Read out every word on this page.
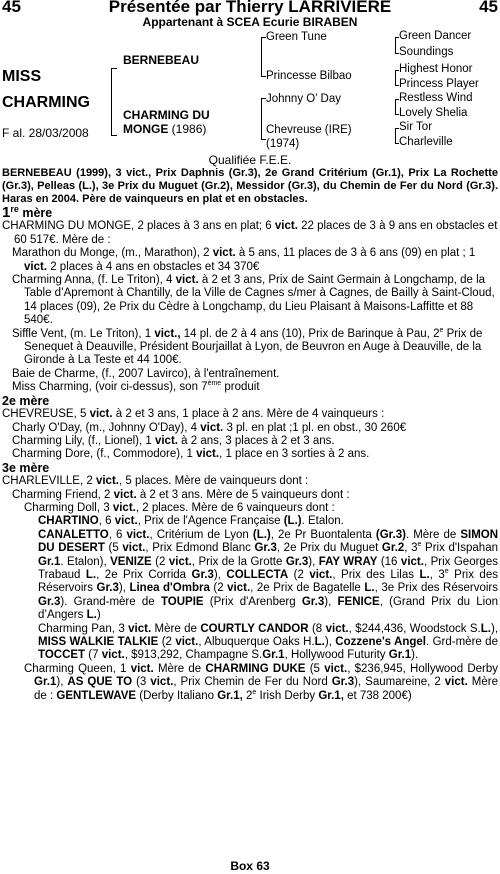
45	Présentée par Thierry LARRIVIERE	45
Appartenant à SCEA Ecurie BIRABEN
MISS
CHARMING
F al. 28/03/2008
BERNEBEAU
CHARMING DU
MONGE (1986)
Green Tune
Princesse Bilbao
Johnny O’ Day
Chevreuse (IRE)
(1974)
Green Dancer
Soundings
Highest Honor
Princess Player
Restless Wind
Lovely Shelia
Sir Tor
Charleville
Qualifiée F.E.E.

BERNEBEAU (1999), 3 vict., Prix Daphnis (Gr.3), 2e Grand Critérium (Gr.1), Prix La Rochette (Gr.3), Pelleas (L.), 3e Prix du Muguet (Gr.2), Messidor (Gr.3), du Chemin de Fer du Nord (Gr.3). Haras en 2004. Père de vainqueurs en plat et en obstacles.

1re mère

CHARMING DU MONGE, 2 places à 3 ans en plat; 6 vict. 22 places de 3 à 9 ans en obstacles et 60 517€. Mère de :

Marathon du Monge, (m., Marathon), 2 vict. à 5 ans, 11 places de 3 à 6 ans (09) en plat ; 1 vict. 2 places à 4 ans en obstacles et 34 370€

Charming Anna, (f. Le Triton), 4 vict. à 2 et 3 ans, Prix de Saint Germain à Longchamp, de la Table d’Apremont à Chantilly, de la Ville de Cagnes s/mer à Cagnes, de Bailly à Saint-Cloud, 14 places (09), 2e Prix du Cèdre à Longchamp, du Lieu Plaisant à Maisons-Laffitte et 88 540€.

Siffle Vent, (m. Le Triton), 1 vict., 14 pl. de 2 à 4 ans (10), Prix de Barinque à Pau, 2e Prix de Senequet à Deauville, Président Bourjaillat à Lyon, de Beuvron en Auge à Deauville, de la Gironde à La Teste et 44 100€.

Baie de Charme, (f., 2007 Lavirco), à l'entraînement.

Miss Charming, (voir ci-dessus), son 7ème produit

2e mère

CHEVREUSE, 5 vict. à 2 et 3 ans, 1 place à 2 ans. Mère de 4 vainqueurs :

Charly O'Day, (m., Johnny O'Day), 4 vict. 3 pl. en plat ;1 pl. en obst., 30 260€

Charming Lily, (f., Lionel), 1 vict. à 2 ans, 3 places à 2 et 3 ans.

Charming Dore, (f., Commodore), 1 vict., 1 place en 3 sorties à 2 ans.

3e mère

CHARLEVILLE, 2 vict., 5 places. Mère de vainqueurs dont :

Charming Friend, 2 vict. à 2 et 3 ans. Mère de 5 vainqueurs dont :

Charming Doll, 3 vict., 2 places. Mère de 6 vainqueurs dont :

CHARTINO, 6 vict., Prix de l'Agence Française (L.). Etalon.

CANALETTO, 6 vict., Critérium de Lyon (L.), 2e Pr Buontalenta (Gr.3). Mère de SIMON DU DESERT (5 vict., Prix Edmond Blanc Gr.3, 2e Prix du Muguet Gr.2, 3e Prix d'Ispahan Gr.1. Etalon), VENIZE (2 vict., Prix de la Grotte Gr.3), FAY WRAY (16 vict., Prix Georges Trabaud L., 2e Prix Corrida Gr.3), COLLECTA (2 vict., Prix des Lilas L., 3e Prix des Réservoirs Gr.3), Linea d'Ombra (2 vict., 2e Prix de Bagatelle L., 3e Prix des Réservoirs Gr.3). Grand-mère de TOUPIE (Prix d'Arenberg Gr.3), FENICE, (Grand Prix du Lion d’Angers L.)

Charming Pan, 3 vict. Mère de COURTLY CANDOR (8 vict., $244,436, Woodstock S.L.), MISS WALKIE TALKIE (2 vict., Albuquerque Oaks H.L.), Cozzene's Angel. Grd-mère de TOCCET (7 vict., $913,292, Champagne S.Gr.1, Hollywood Futurity Gr.1).

Charming Queen, 1 vict. Mère de CHARMING DUKE (5 vict., $236,945, Hollywood Derby Gr.1), AS QUE TO (3 vict., Prix Chemin de Fer du Nord Gr.3), Saumareine, 2 vict. Mère de : GENTLEWAVE (Derby Italiano Gr.1, 2e Irish Derby Gr.1, et 738 200€)

Box 63
